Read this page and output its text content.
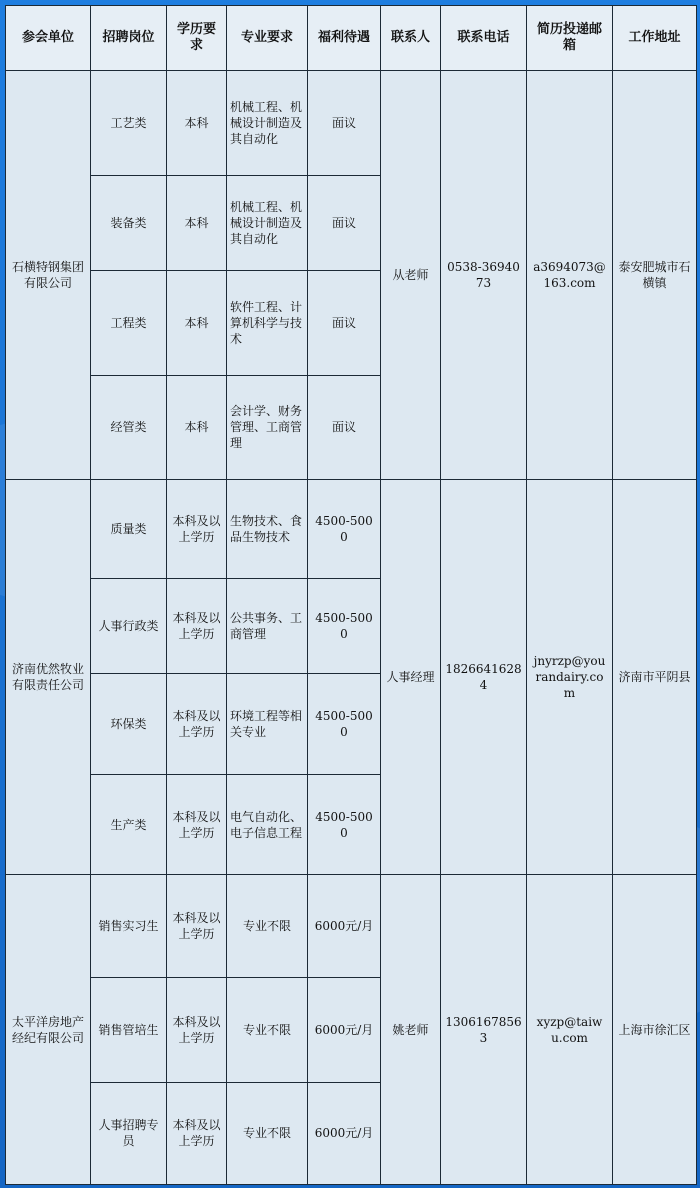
参会单位	招聘岗位	学历要求	专业要求	福利待遇	联系人	联系电话	简历投递邮箱	工作地址
石横特钢集团有限公司	工艺类	本科	机械工程、机械设计制造及其自动化	面议	从老师	0538-3694073	a3694073@163.com	泰安肥城市石横镇
	装备类	本科	机械工程、机械设计制造及其自动化	面议				
	工程类	本科	软件工程、计算机科学与技术	面议				
	经管类	本科	会计学、财务管理、工商管理	面议				
济南优然牧业有限责任公司	质量类	本科及以上学历	生物技术、食品生物技术	4500-5000	人事经理	18266416284	jnyrzp@yourandairy.com	济南市平阴县
	人事行政类	本科及以上学历	公共事务、工商管理	4500-5000				
	环保类	本科及以上学历	环境工程等相关专业	4500-5000				
	生产类	本科及以上学历	电气自动化、电子信息工程	4500-5000				
太平洋房地产经纪有限公司	销售实习生	本科及以上学历	专业不限	6000元/月	姚老师	13061678563	xyzp@taiwu.com	上海市徐汇区
	销售管培生	本科及以上学历	专业不限	6000元/月				
	人事招聘专员	本科及以上学历	专业不限	6000元/月				
